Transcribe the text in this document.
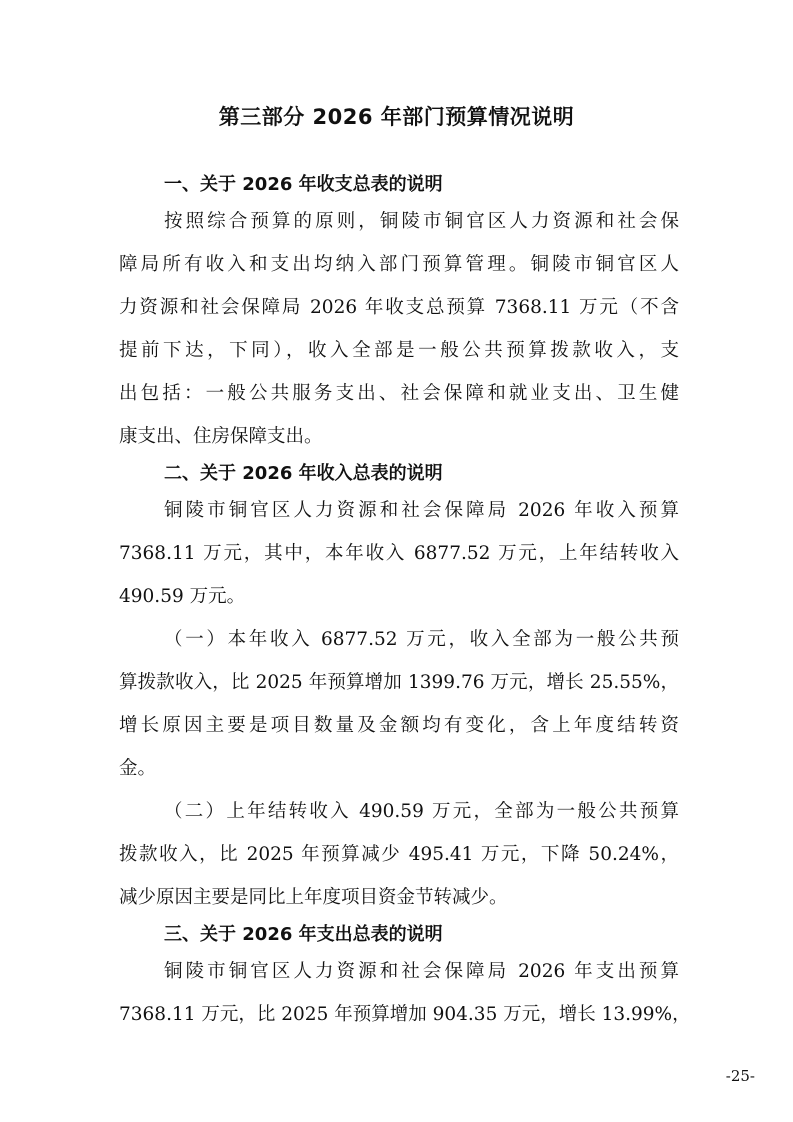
第三部分 2026 年部门预算情况说明
一、关于 2026 年收支总表的说明
按照综合预算的原则，铜陵市铜官区人力资源和社会保
障局所有收入和支出均纳入部门预算管理。铜陵市铜官区人
力资源和社会保障局 2026 年收支总预算 7368.11 万元（不含
提前下达，下同），收入全部是一般公共预算拨款收入，支
出包括：一般公共服务支出、社会保障和就业支出、卫生健
康支出、住房保障支出。
二、关于 2026 年收入总表的说明
铜陵市铜官区人力资源和社会保障局 2026 年收入预算
7368.11 万元，其中，本年收入 6877.52 万元，上年结转收入
490.59 万元。
（一）本年收入 6877.52 万元，收入全部为一般公共预
算拨款收入，比 2025 年预算增加 1399.76 万元，增长 25.55%，
增长原因主要是项目数量及金额均有变化，含上年度结转资
金。
（二）上年结转收入 490.59 万元，全部为一般公共预算
拨款收入，比 2025 年预算减少 495.41 万元，下降 50.24%，
减少原因主要是同比上年度项目资金节转减少。
三、关于 2026 年支出总表的说明
铜陵市铜官区人力资源和社会保障局 2026 年支出预算
7368.11 万元，比 2025 年预算增加 904.35 万元，增长 13.99%，
-25-
